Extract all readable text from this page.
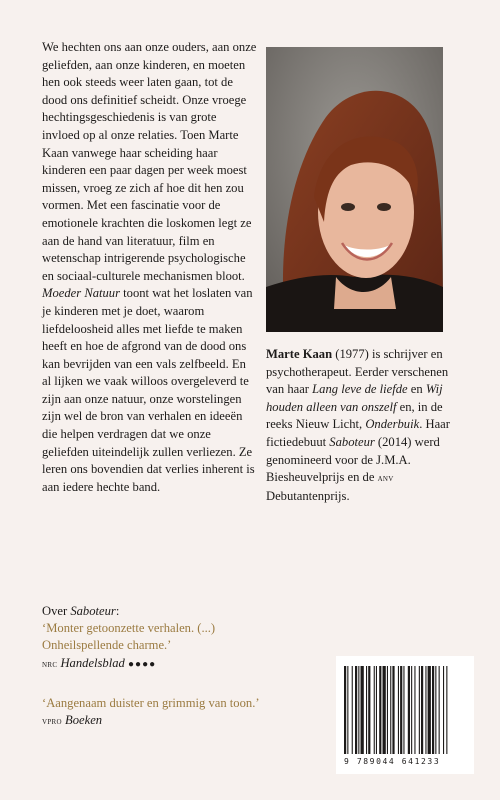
We hechten ons aan onze ouders, aan onze geliefden, aan onze kinderen, en moeten hen ook steeds weer laten gaan, tot de dood ons definitief scheidt. Onze vroege hechtingsgeschiedenis is van grote invloed op al onze relaties. Toen Marte Kaan vanwege haar scheiding haar kinderen een paar dagen per week moest missen, vroeg ze zich af hoe dit hen zou vormen. Met een fascinatie voor de emotionele krachten die loskomen legt ze aan de hand van literatuur, film en wetenschap intrigerende psychologische en sociaal-culturele mechanismen bloot. Moeder Natuur toont wat het loslaten van je kinderen met je doet, waarom liefdeloosheid alles met liefde te maken heeft en hoe de afgrond van de dood ons kan bevrijden van een vals zelfbeeld. En al lijken we vaak willoos overgeleverd te zijn aan onze natuur, onze worstelingen zijn wel de bron van verhalen en ideeën die helpen verdragen dat we onze geliefden uiteindelijk zullen verliezen. Ze leren ons bovendien dat verlies inherent is aan iedere hechte band.

Marte Kaan (1977) is schrijver en psychotherapeut. Eerder verschenen van haar Lang leve de liefde en Wij houden alleen van onszelf en, in de reeks Nieuw Licht, Onderbuik. Haar fictiedebuut Saboteur (2014) werd genomineerd voor de J.M.A. Biesheuvelprijs en de anv Debutantenprijs.

Over Saboteur:

‘Monter getoonzette verhalen. (...) Onheilspellende charme.’

nrc Handelsblad ●●●●

‘Aangenaam duister en grimmig van toon.’

vpro Boeken

9 789044 641233
